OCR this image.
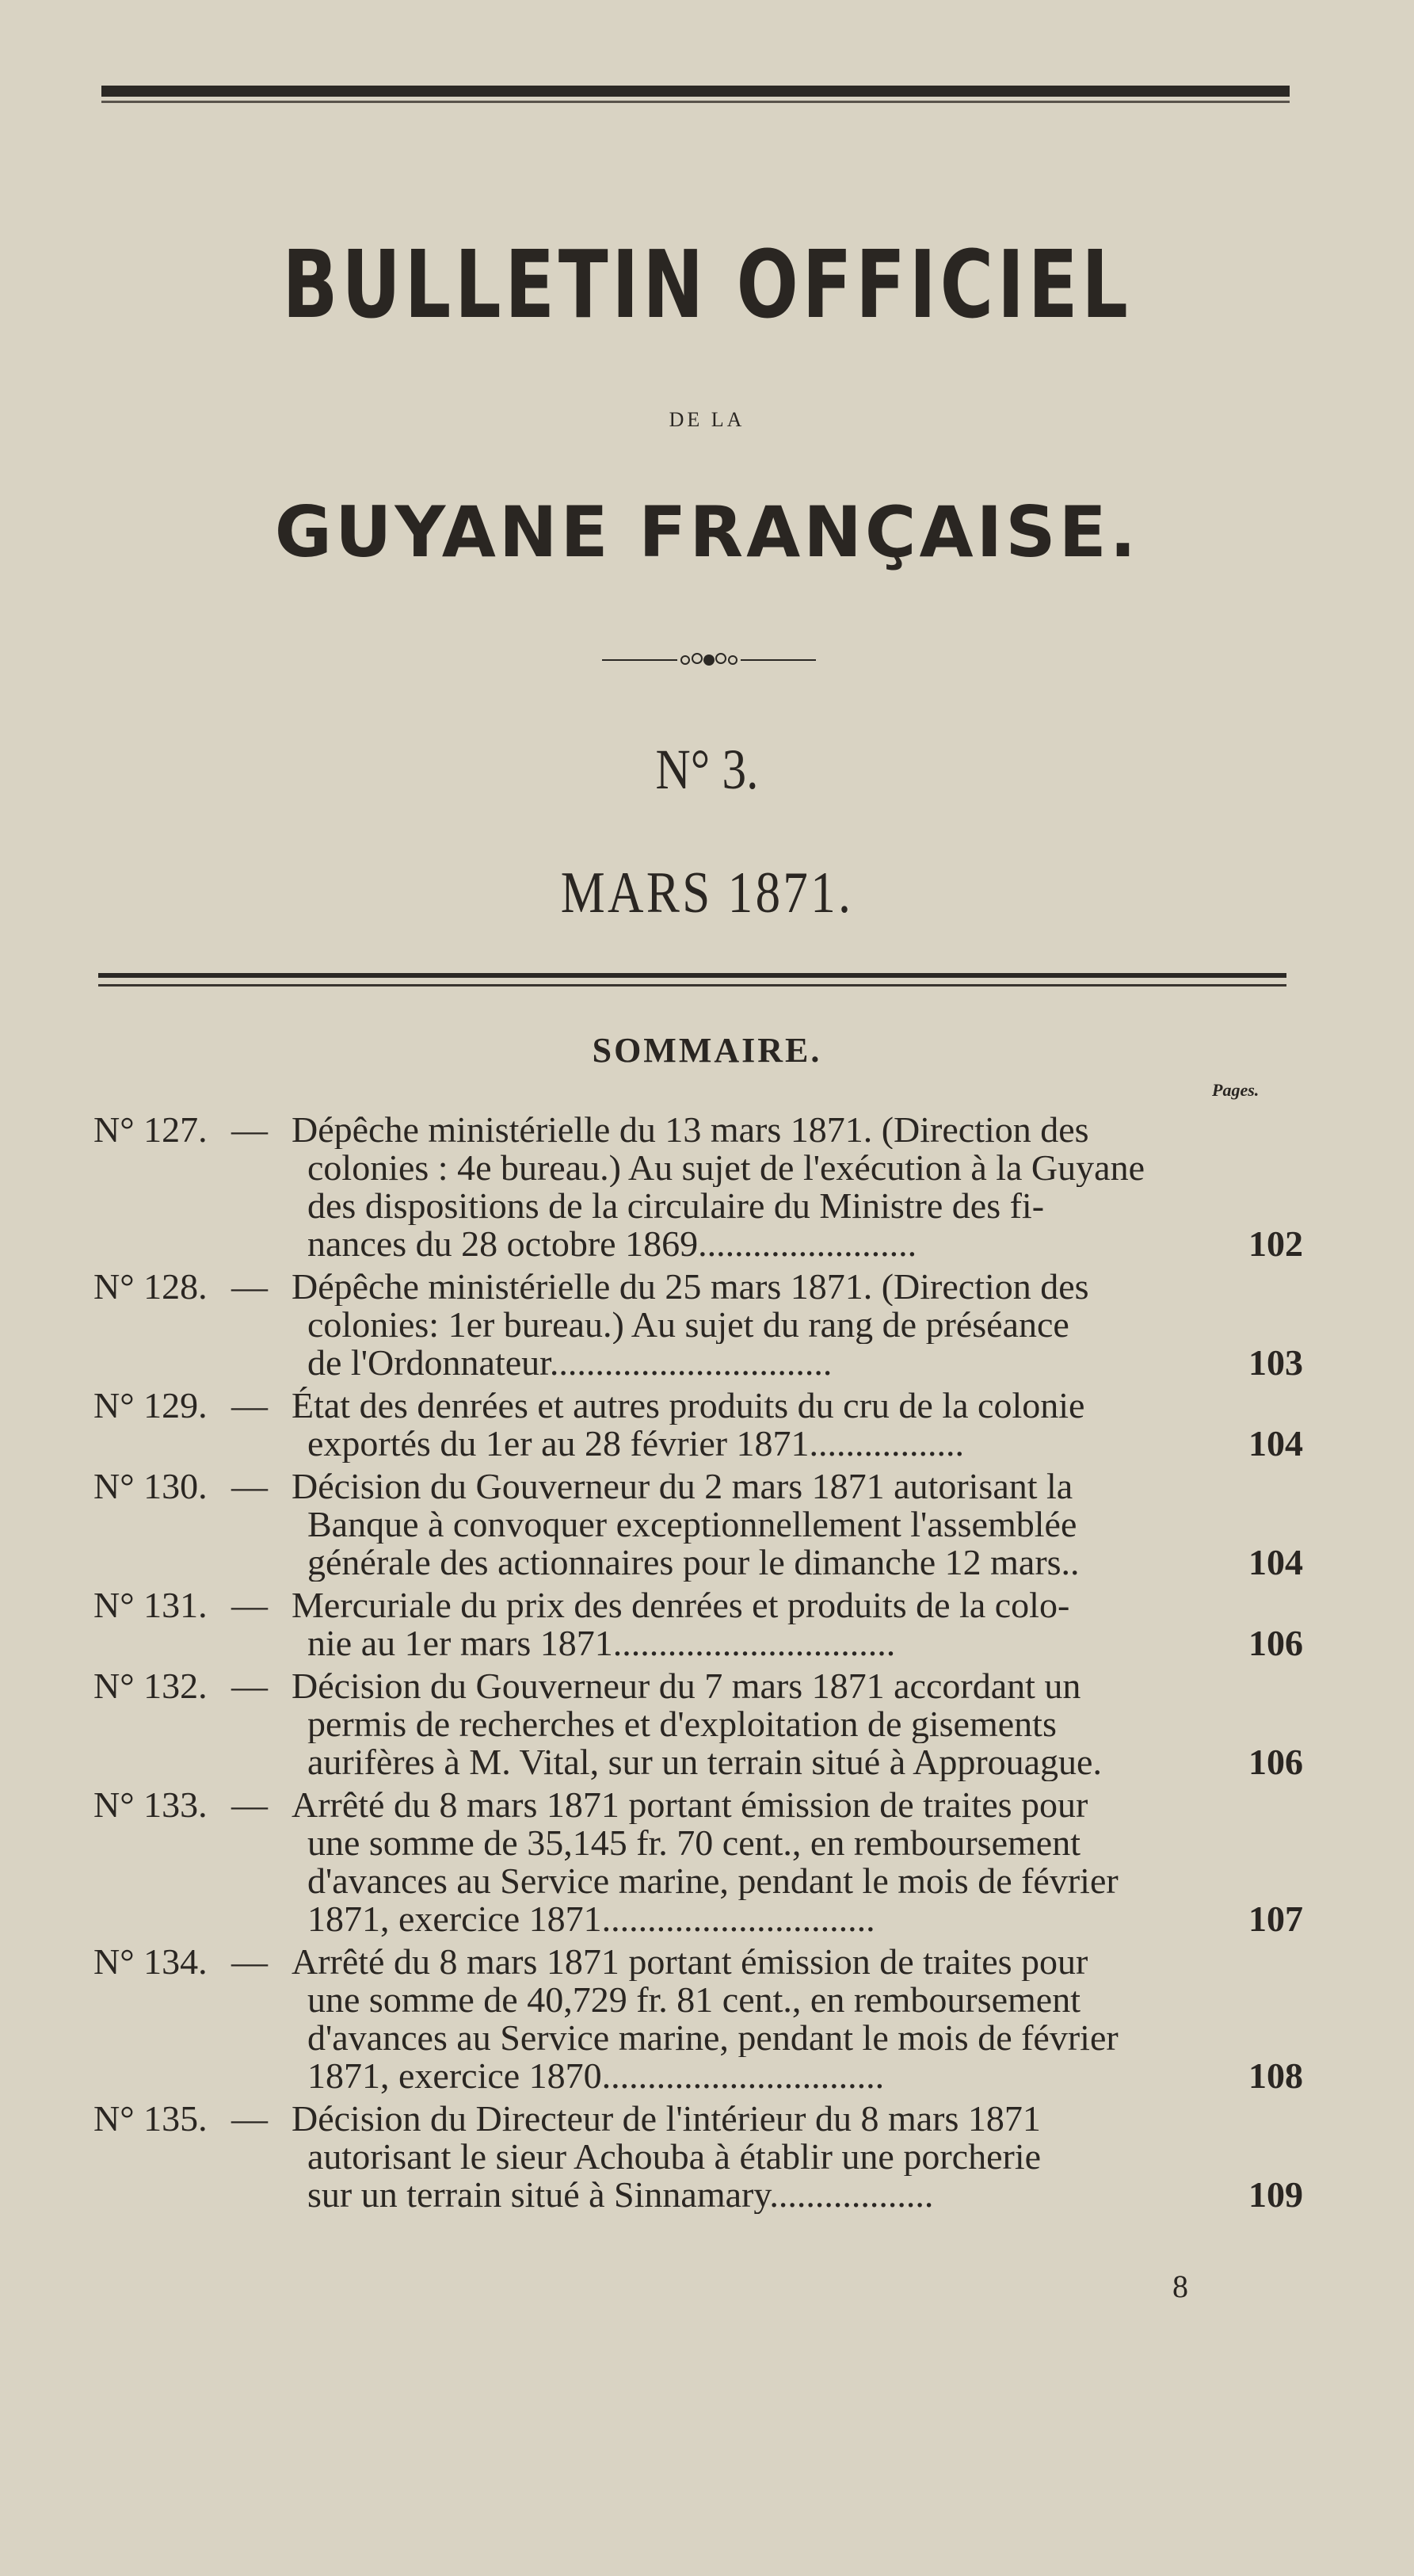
BULLETIN OFFICIEL
DE LA
GUYANE FRANÇAISE.
N° 3.
MARS 1871.
SOMMAIRE.
Pages.
N° 127. — Dépêche ministérielle du 13 mars 1871. (Direction des
colonies : 4e bureau.) Au sujet de l'exécution à la Guyane
des dispositions de la circulaire du Ministre des fi-
nances du 28 octobre 1869........................	102
N° 128. — Dépêche ministérielle du 25 mars 1871. (Direction des
colonies: 1er bureau.) Au sujet du rang de préséance
de l'Ordonnateur...............................	103
N° 129. — État des denrées et autres produits du cru de la colonie
exportés du 1er au 28 février 1871.................	104
N° 130. — Décision du Gouverneur du 2 mars 1871 autorisant la
Banque à convoquer exceptionnellement l'assemblée
générale des actionnaires pour le dimanche 12 mars..	104
N° 131. — Mercuriale du prix des denrées et produits de la colo-
nie au 1er mars 1871...............................	106
N° 132. — Décision du Gouverneur du 7 mars 1871 accordant un
permis de recherches et d'exploitation de gisements
aurifères à M. Vital, sur un terrain situé à Approuague.	106
N° 133. — Arrêté du 8 mars 1871 portant émission de traites pour
une somme de 35,145 fr. 70 cent., en remboursement
d'avances au Service marine, pendant le mois de février
1871, exercice 1871..............................	107
N° 134. — Arrêté du 8 mars 1871 portant émission de traites pour
une somme de 40,729 fr. 81 cent., en remboursement
d'avances au Service marine, pendant le mois de février
1871, exercice 1870...............................	108
N° 135. — Décision du Directeur de l'intérieur du 8 mars 1871
autorisant le sieur Achouba à établir une porcherie
sur un terrain situé à Sinnamary..................	109
8
